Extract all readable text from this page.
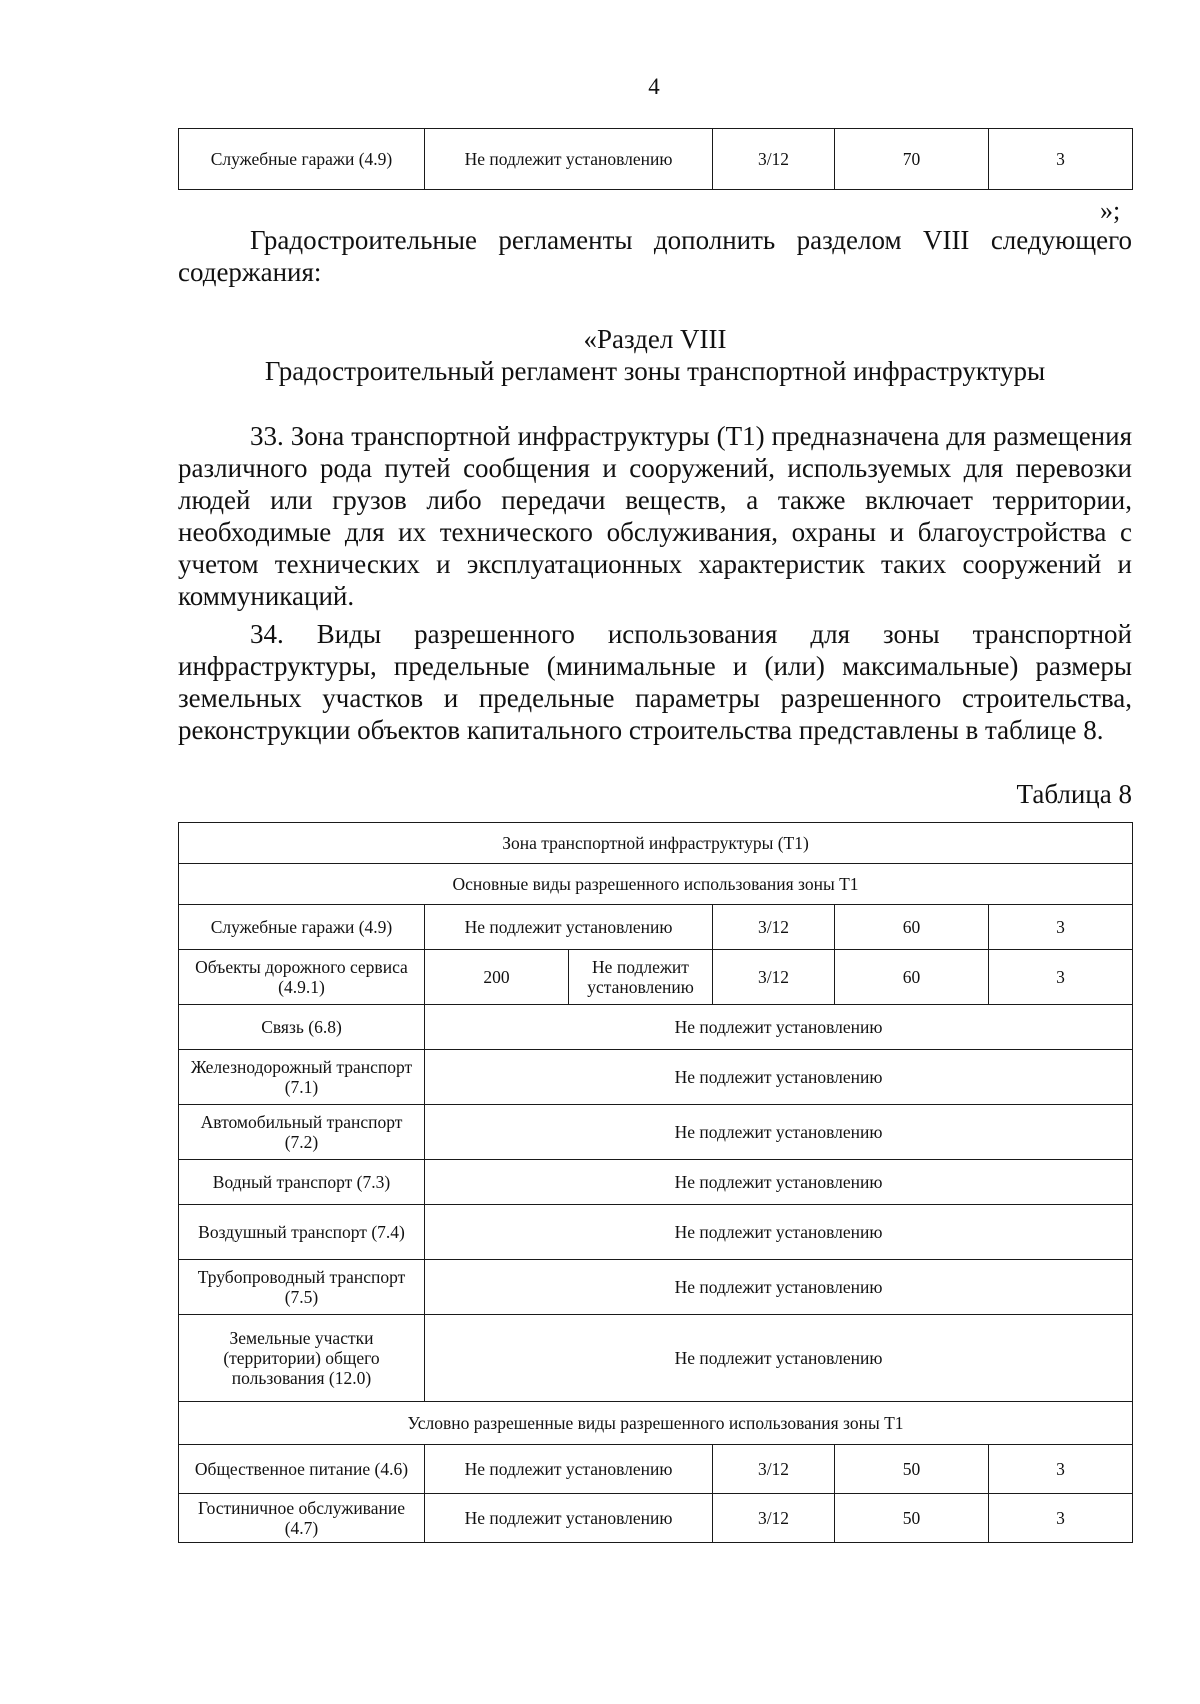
4
Служебные гаражи (4.9)	Не подлежит установлению	3/12	70	3
»;

Градостроительные регламенты дополнить разделом VIII следующего содержания:

«Раздел VIII

Градостроительный регламент зоны транспортной инфраструктуры

33. Зона транспортной инфраструктуры (Т1) предназначена для размещения различного рода путей сообщения и сооружений, используемых для перевозки людей или грузов либо передачи веществ, а также включает территории, необходимые для их технического обслуживания, охраны и благоустройства с учетом технических и эксплуатационных характеристик таких сооружений и коммуникаций.

34. Виды разрешенного использования для зоны транспортной инфраструктуры, предельные (минимальные и (или) максимальные) размеры земельных участков и предельные параметры разрешенного строительства, реконструкции объектов капитального строительства представлены в таблице 8.

Таблица 8
Зона транспортной инфраструктуры (Т1)					
Основные виды разрешенного использования зоны Т1					
Служебные гаражи (4.9)	Не подлежит установлению		3/12	60	3
Объекты дорожного сервиса (4.9.1)	200	Не подлежит установлению	3/12	60	3
Связь (6.8)	Не подлежит установлению				
Железнодорожный транспорт (7.1)	Не подлежит установлению				
Автомобильный транспорт (7.2)	Не подлежит установлению				
Водный транспорт (7.3)	Не подлежит установлению				
Воздушный транспорт (7.4)	Не подлежит установлению				
Трубопроводный транспорт (7.5)	Не подлежит установлению				
Земельные участки (территории) общего пользования (12.0)	Не подлежит установлению				
Условно разрешенные виды разрешенного использования зоны Т1					
Общественное питание (4.6)	Не подлежит установлению		3/12	50	3
Гостиничное обслуживание (4.7)	Не подлежит установлению		3/12	50	3
